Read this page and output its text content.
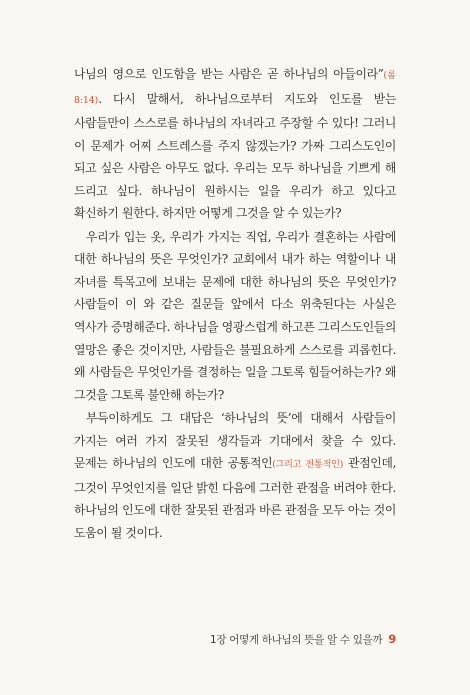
나님의 영으로 인도함을 받는 사람은 곧 하나님의 아들이라”(롬 8:14). 다시 말해서, 하나님으로부터 지도와 인도를 받는 사람들만이 스스로를 하나님의 자녀라고 주장할 수 있다! 그러니 이 문제가 어찌 스트레스를 주지 않겠는가? 가짜 그리스도인이 되고 싶은 사람은 아무도 없다. 우리는 모두 하나님을 기쁘게 해 드리고 싶다. 하나님이 원하시는 일을 우리가 하고 있다고 확신하기 원한다. 하지만 어떻게 그것을 알 수 있는가?

우리가 입는 옷, 우리가 가지는 직업, 우리가 결혼하는 사람에 대한 하나님의 뜻은 무엇인가? 교회에서 내가 하는 역할이나 내 자녀를 특목고에 보내는 문제에 대한 하나님의 뜻은 무엇인가? 사람들이 이 와 같은 질문들 앞에서 다소 위축된다는 사실은 역사가 증명해준다. 하나님을 영광스럽게 하고픈 그리스도인들의 열망은 좋은 것이지만, 사람들은 불필요하게 스스로를 괴롭힌다. 왜 사람들은 무엇인가를 결정하는 일을 그토록 힘들어하는가? 왜 그것을 그토록 불안해 하는가?

부득이하게도 그 대답은 ‘하나님의 뜻’에 대해서 사람들이 가지는 여러 가지 잘못된 생각들과 기대에서 찾을 수 있다. 문제는 하나님의 인도에 대한 공통적인(그리고 전통적인) 관점인데, 그것이 무엇인지를 일단 밝힌 다음에 그러한 관점을 버려야 한다. 하나님의 인도에 대한 잘못된 관점과 바른 관점을 모두 아는 것이 도움이 될 것이다.

1장 어떻게 하나님의 뜻을 알 수 있을까 9
